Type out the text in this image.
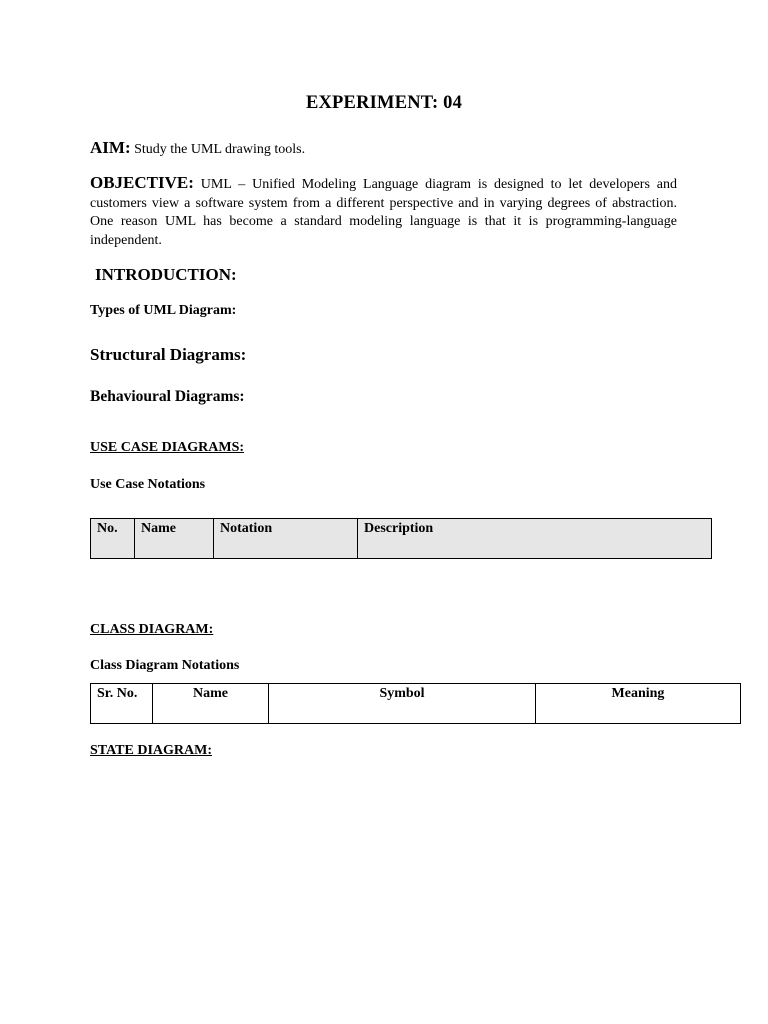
EXPERIMENT: 04
AIM: Study the UML drawing tools.
OBJECTIVE: UML – Unified Modeling Language diagram is designed to let developers and customers view a software system from a different perspective and in varying degrees of abstraction. One reason UML has become a standard modeling language is that it is programming-language independent.
INTRODUCTION:
Types of UML Diagram:
Structural Diagrams:
Behavioural Diagrams:
USE CASE DIAGRAMS:
Use Case Notations
No.	Name	Notation	Description
CLASS DIAGRAM:
Class Diagram Notations
Sr. No.	Name	Symbol	Meaning
STATE DIAGRAM:
